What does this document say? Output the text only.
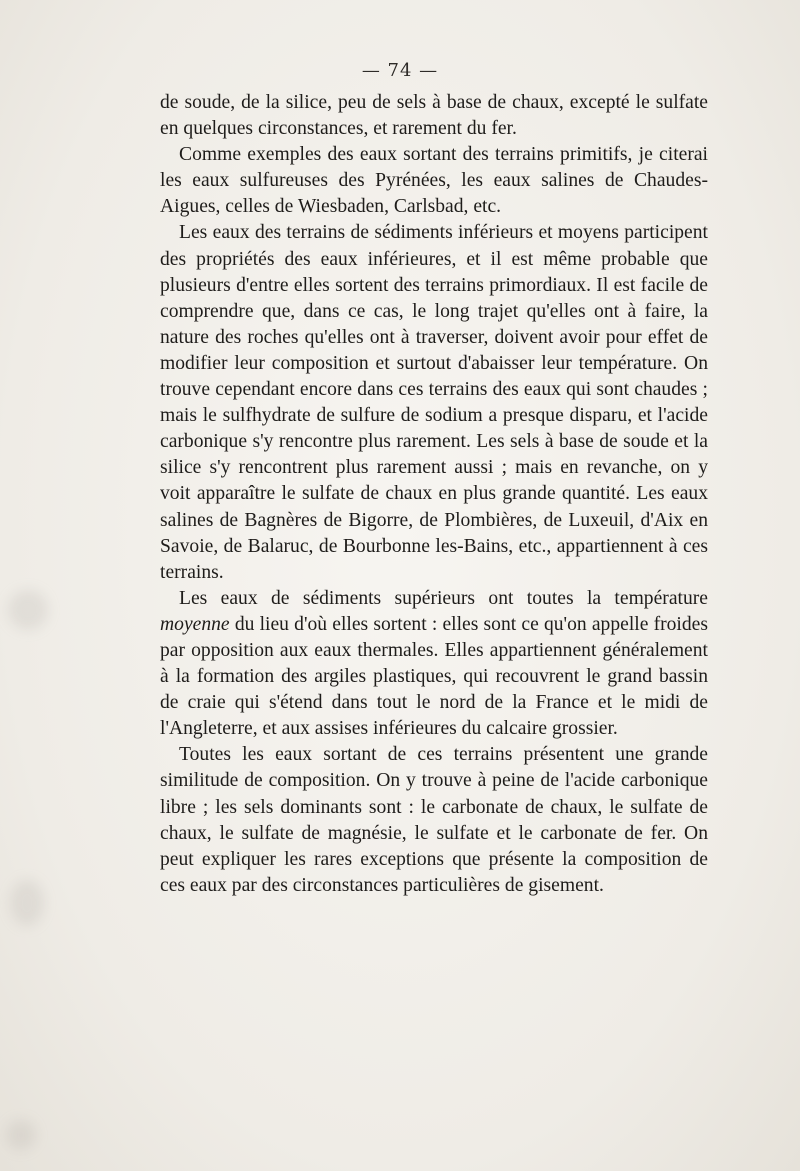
— 74 —

de soude, de la silice, peu de sels à base de chaux, excepté le sulfate en quelques circonstances, et rarement du fer.

Comme exemples des eaux sortant des terrains primitifs, je citerai les eaux sulfureuses des Pyrénées, les eaux salines de Chaudes-Aigues, celles de Wiesbaden, Carlsbad, etc.

Les eaux des terrains de sédiments inférieurs et moyens participent des propriétés des eaux inférieures, et il est même probable que plusieurs d'entre elles sortent des terrains primordiaux. Il est facile de comprendre que, dans ce cas, le long trajet qu'elles ont à faire, la nature des roches qu'elles ont à traverser, doivent avoir pour effet de modifier leur composition et surtout d'abaisser leur température. On trouve cependant encore dans ces terrains des eaux qui sont chaudes ; mais le sulfhydrate de sulfure de sodium a presque disparu, et l'acide carbonique s'y rencontre plus rarement. Les sels à base de soude et la silice s'y rencontrent plus rarement aussi ; mais en revanche, on y voit apparaître le sulfate de chaux en plus grande quantité. Les eaux salines de Bagnères de Bigorre, de Plombières, de Luxeuil, d'Aix en Savoie, de Balaruc, de Bourbonne les-Bains, etc., appartiennent à ces terrains.

Les eaux de sédiments supérieurs ont toutes la température moyenne du lieu d'où elles sortent : elles sont ce qu'on appelle froides par opposition aux eaux thermales. Elles appartiennent généralement à la formation des argiles plastiques, qui recouvrent le grand bassin de craie qui s'étend dans tout le nord de la France et le midi de l'Angleterre, et aux assises inférieures du calcaire grossier.

Toutes les eaux sortant de ces terrains présentent une grande similitude de composition. On y trouve à peine de l'acide carbonique libre ; les sels dominants sont : le carbonate de chaux, le sulfate de chaux, le sulfate de magnésie, le sulfate et le carbonate de fer. On peut expliquer les rares exceptions que présente la composition de ces eaux par des circonstances particulières de gisement.
